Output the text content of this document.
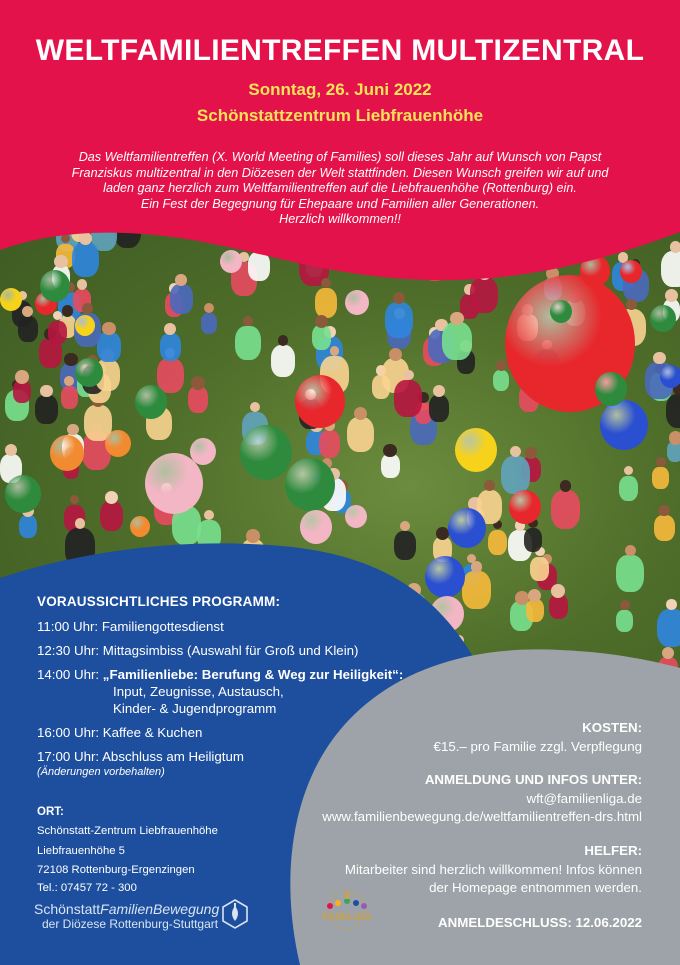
WELTFAMILIENTREFFEN MULTIZENTRAL
Sonntag, 26. Juni 2022
Schönstattzentrum Liebfrauenhöhe
Das Weltfamilientreffen (X. World Meeting of Families) soll dieses Jahr auf Wunsch von Papst
Franziskus multizentral in den Diözesen der Welt stattfinden. Diesen Wunsch greifen wir auf und
laden ganz herzlich zum Weltfamilientreffen auf die Liebfrauenhöhe (Rottenburg) ein.
Ein Fest der Begegnung für Ehepaare und Familien aller Generationen.
Herzlich willkommen!!
VORAUSSICHTLICHES PROGRAMM:
11:00 Uhr: Familiengottesdienst
12:30 Uhr: Mittagsimbiss (Auswahl für Groß und Klein)
14:00 Uhr: „Familienliebe: Berufung & Weg zur Heiligkeit“:
Input, Zeugnisse, Austausch,
Kinder- & Jugendprogramm
16:00 Uhr: Kaffee & Kuchen
17:00 Uhr: Abschluss am Heiligtum
(Änderungen vorbehalten)
ORT:
Schönstatt-Zentrum Liebfrauenhöhe
Liebfrauenhöhe 5
72108 Rottenburg-Ergenzingen
Tel.: 07457 72 - 300
SchönstattFamilienBewegung
der Diözese Rottenburg-Stuttgart	FAMILIES
KOSTEN:
€15.– pro Familie zzgl. Verpflegung
ANMELDUNG UND INFOS UNTER:
wft@familienliga.de
www.familienbewegung.de/weltfamilientreffen-drs.html
HELFER:
Mitarbeiter sind herzlich willkommen! Infos können
der Homepage entnommen werden.
ANMELDESCHLUSS: 12.06.2022
